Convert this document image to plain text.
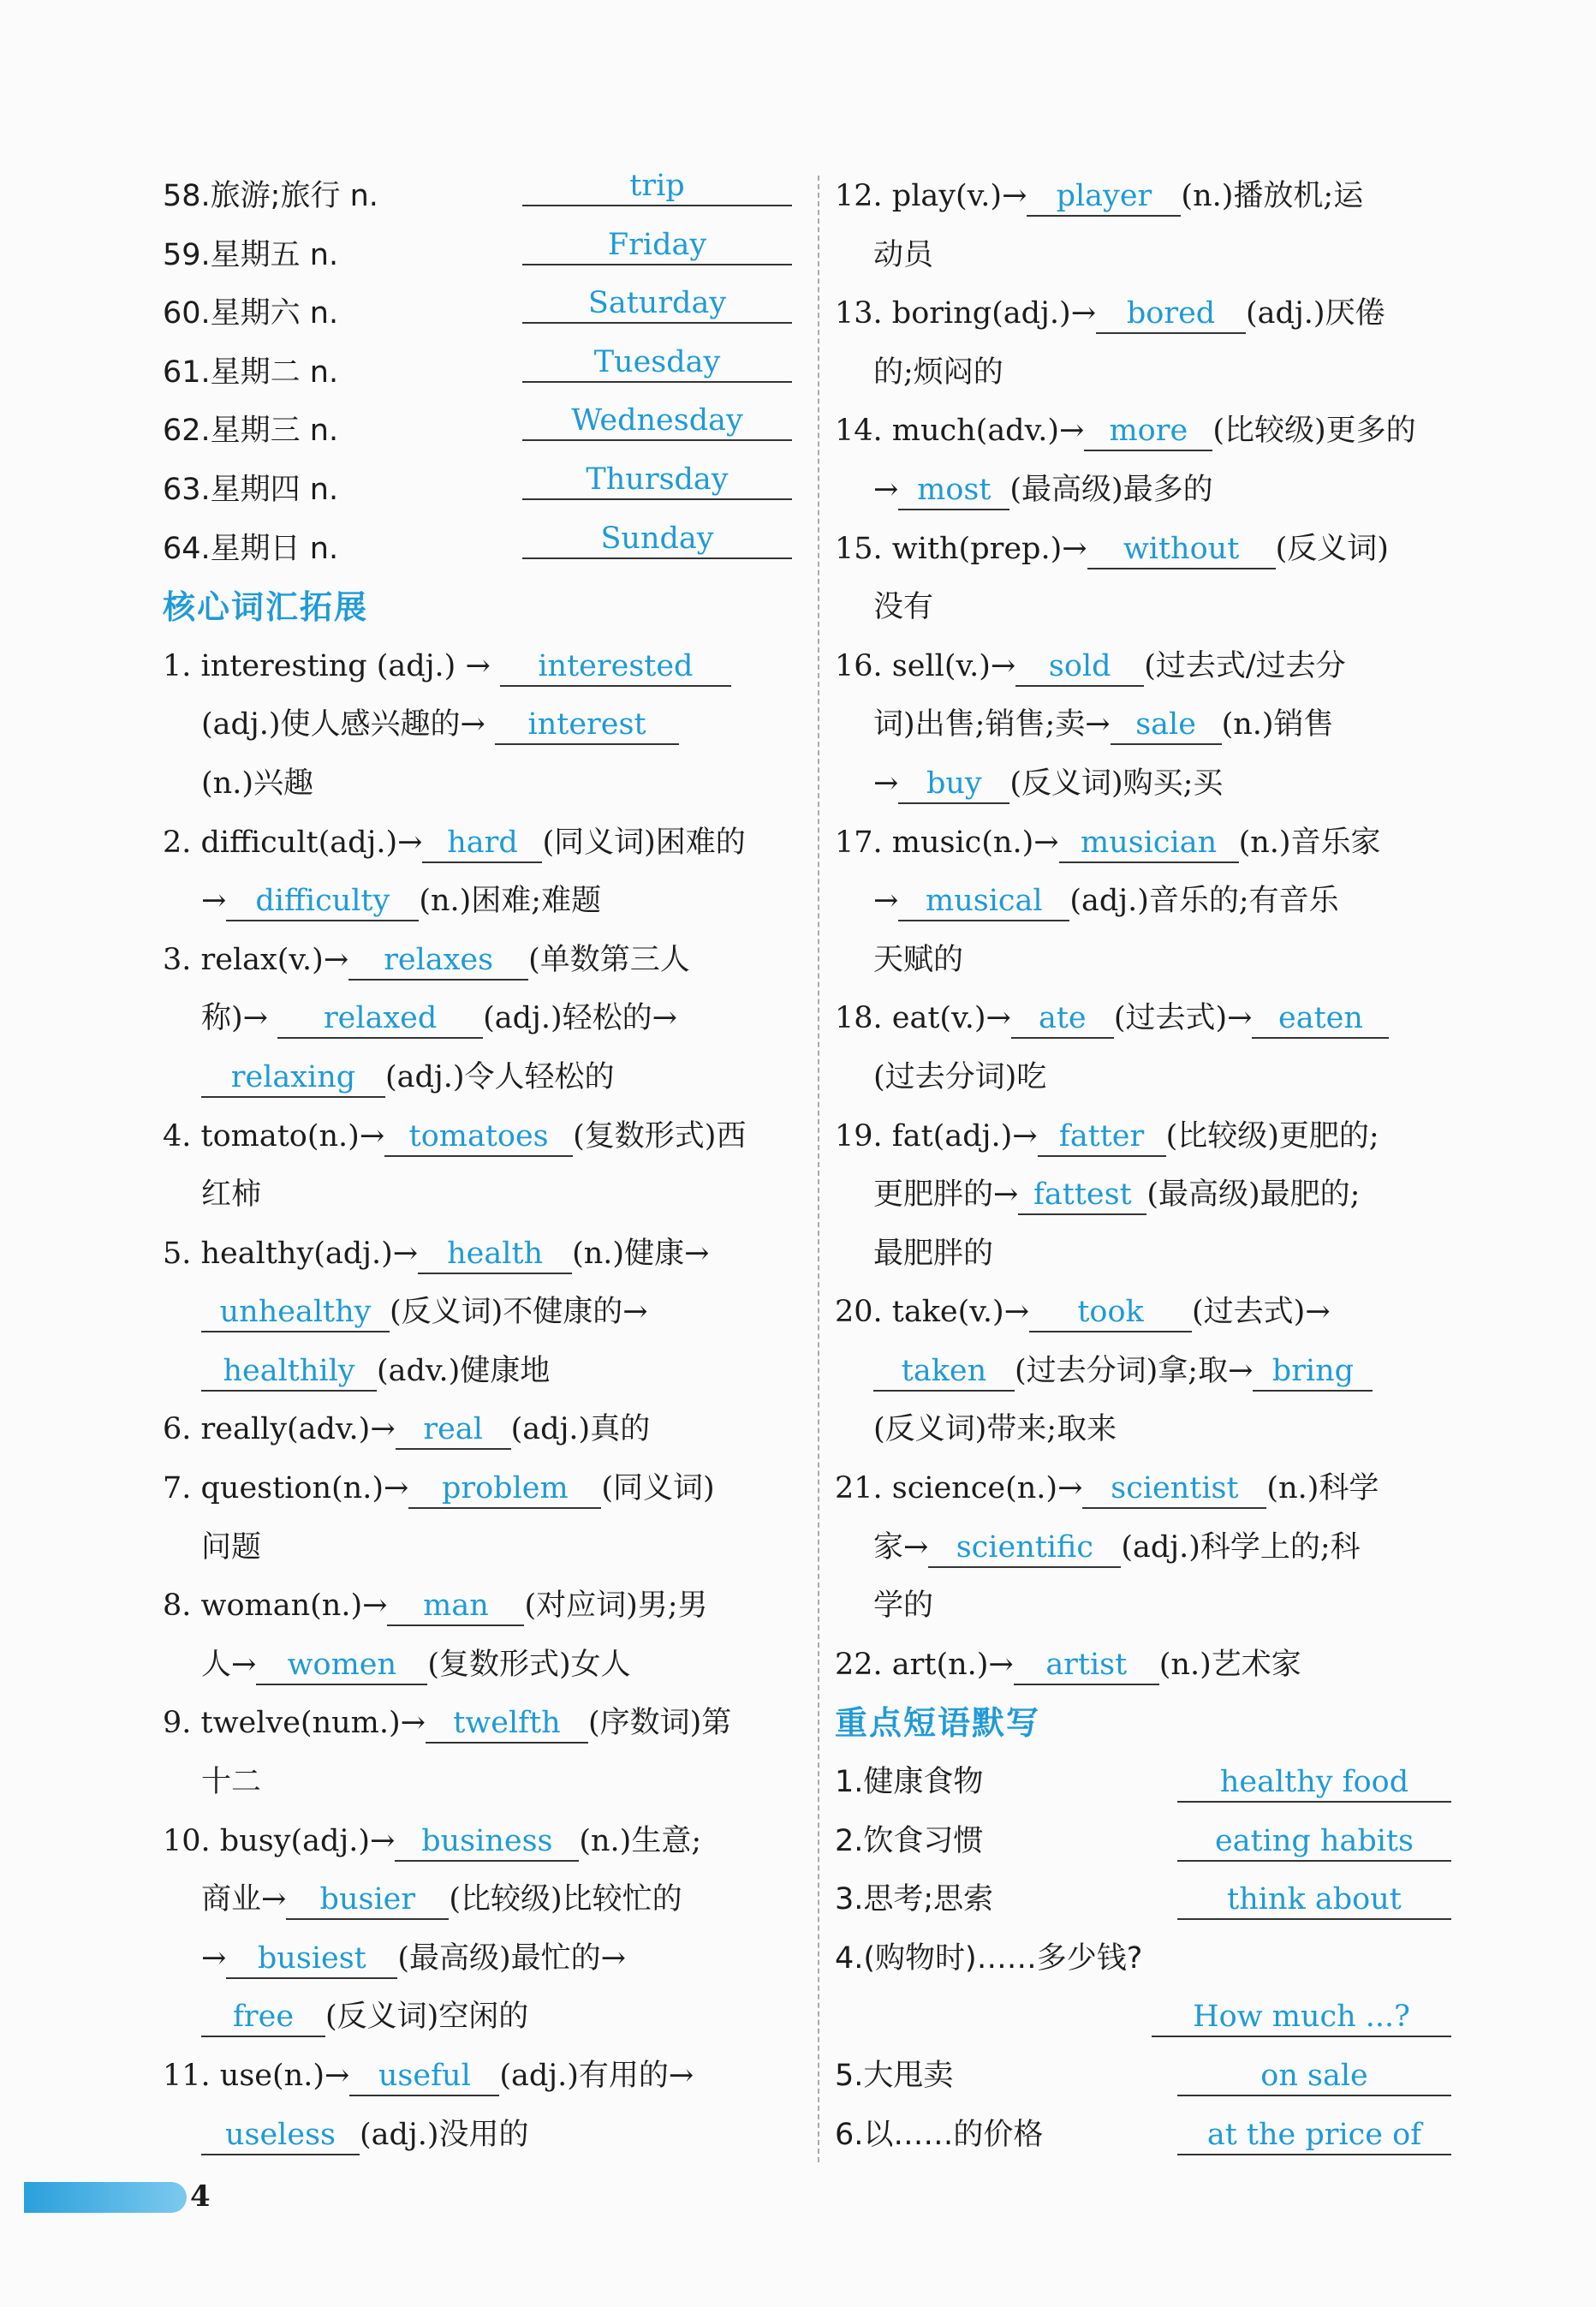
58.旅游;旅行 n.	trip
59.星期五 n.	Friday
60.星期六 n.	Saturday
61.星期二 n.	Tuesday
62.星期三 n.	Wednesday
63.星期四 n.	Thursday
64.星期日 n.	Sunday
核心词汇拓展
1. interesting (adj.) → interested
(adj.)使人感兴趣的→ interest
(n.)兴趣
2. difficult(adj.)→ hard (同义词)困难的
→ difficulty (n.)困难;难题
3. relax(v.)→ relaxes (单数第三人
称)→ relaxed (adj.)轻松的→
relaxing (adj.)令人轻松的
4. tomato(n.)→ tomatoes (复数形式)西
红柿
5. healthy(adj.)→ health (n.)健康→
unhealthy (反义词)不健康的→
healthily (adv.)健康地
6. really(adv.)→ real (adj.)真的
7. question(n.)→ problem (同义词)
问题
8. woman(n.)→ man (对应词)男;男
人→ women (复数形式)女人
9. twelve(num.)→ twelfth (序数词)第
十二
10. busy(adj.)→ business (n.)生意;
商业→ busier (比较级)比较忙的
→ busiest (最高级)最忙的→
free (反义词)空闲的
11. use(n.)→ useful (adj.)有用的→
useless (adj.)没用的
12. play(v.)→ player (n.)播放机;运
动员
13. boring(adj.)→ bored (adj.)厌倦
的;烦闷的
14. much(adv.)→ more (比较级)更多的
→ most (最高级)最多的
15. with(prep.)→ without (反义词)
没有
16. sell(v.)→ sold (过去式/过去分
词)出售;销售;卖→ sale (n.)销售
→ buy (反义词)购买;买
17. music(n.)→ musician (n.)音乐家
→ musical (adj.)音乐的;有音乐
天赋的
18. eat(v.)→ ate (过去式)→ eaten
(过去分词)吃
19. fat(adj.)→ fatter (比较级)更肥的;
更肥胖的→ fattest (最高级)最肥的;
最肥胖的
20. take(v.)→ took (过去式)→
taken (过去分词)拿;取→ bring
(反义词)带来;取来
21. science(n.)→ scientist (n.)科学
家→ scientific (adj.)科学上的;科
学的
22. art(n.)→ artist (n.)艺术家
重点短语默写
1.健康食物	healthy food
2.饮食习惯	eating habits
3.思考;思索	think about
4.(购物时)……多少钱?
How much ...?
5.大甩卖	on sale
6.以……的价格	at the price of
4
